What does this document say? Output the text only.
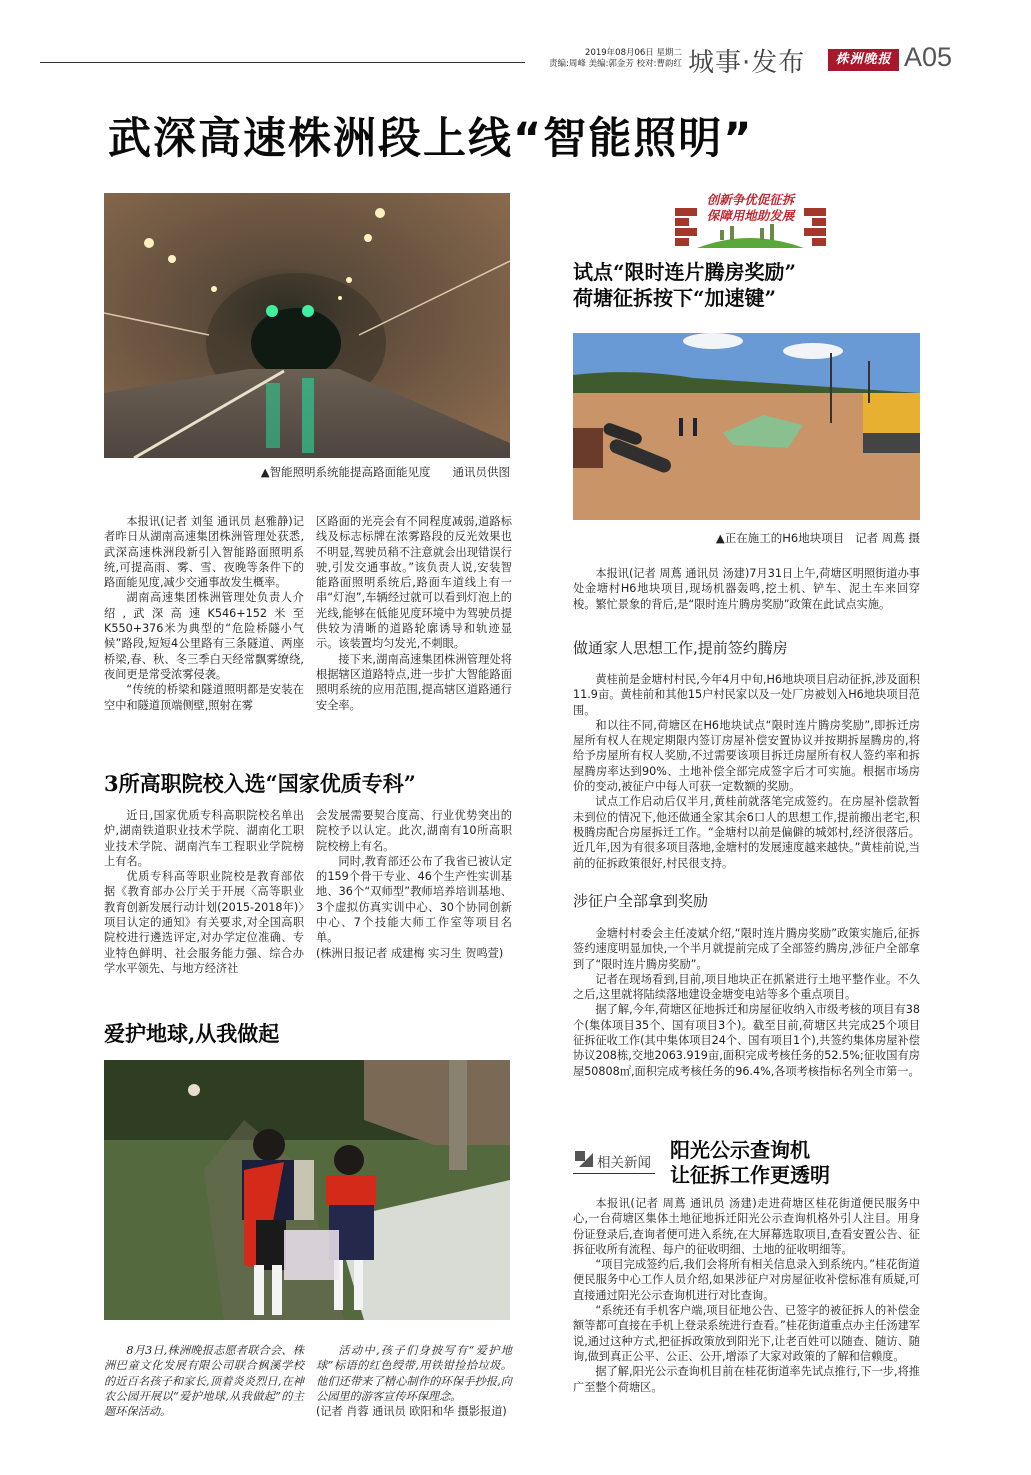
2019年08月06日 星期二
责编:周峰 美编:郭金芳 校对:曹韵红 城事·发布	株洲晚报 A05
武深高速株洲段上线“智能照明”
▲智能照明系统能提高路面能见度      通讯员供图

本报讯(记者 刘玺 通讯员 赵雅静)记者昨日从湖南高速集团株洲管理处获悉,武深高速株洲段新引入智能路面照明系统,可提高雨、雾、雪、夜晚等条件下的路面能见度,减少交通事故发生概率。

湖南高速集团株洲管理处负责人介绍,武深高速K546+152米至K550+376米为典型的“危险桥隧小气候”路段,短短4公里路有三条隧道、两座桥梁,春、秋、冬三季白天经常飘雾缭绕,夜间更是常受浓雾侵袭。

“传统的桥梁和隧道照明都是安装在空中和隧道顶端侧壁,照射在雾

区路面的光亮会有不同程度减弱,道路标线及标志标牌在浓雾路段的反光效果也不明显,驾驶员稍不注意就会出现错误行驶,引发交通事故。”该负责人说,安装智能路面照明系统后,路面车道线上有一串“灯泡”,车辆经过就可以看到灯泡上的光线,能够在低能见度环境中为驾驶员提供较为清晰的道路轮廓诱导和轨迹显示。该装置均匀发光,不刺眼。

接下来,湖南高速集团株洲管理处将根据辖区道路特点,进一步扩大智能路面照明系统的应用范围,提高辖区道路通行安全率。

3所高职院校入选“国家优质专科”

近日,国家优质专科高职院校名单出炉,湖南铁道职业技术学院、湖南化工职业技术学院、湖南汽车工程职业学院榜上有名。

优质专科高等职业院校是教育部依据《教育部办公厅关于开展〈高等职业教育创新发展行动计划(2015-2018年)〉项目认定的通知》有关要求,对全国高职院校进行遴选评定,对办学定位准确、专业特色鲜明、社会服务能力强、综合办学水平领先、与地方经济社

会发展需要契合度高、行业优势突出的院校予以认定。此次,湖南有10所高职院校榜上有名。

同时,教育部还公布了我省已被认定的159个骨干专业、46个生产性实训基地、36个“双师型”教师培养培训基地、3个虚拟仿真实训中心、30个协同创新中心、7个技能大师工作室等项目名单。

(株洲日报记者 成建梅 实习生 贺鸣萱)
爱护地球,从我做起

8月3日,株洲晚报志愿者联合会、株洲巴童文化发展有限公司联合枫溪学校的近百名孩子和家长,顶着炎炎烈日,在神农公园开展以“爱护地球,从我做起”的主题环保活动。

活动中,孩子们身披写有“爱护地球”标语的红色绶带,用铁钳捡拾垃圾。他们还带来了精心制作的环保手抄报,向公园里的游客宣传环保理念。

(记者 肖蓉 通讯员 欧阳和华 摄影报道)
创新争优促征拆
保障用地助发展
试点“限时连片腾房奖励”
荷塘征拆按下“加速键”
▲正在施工的H6地块项目   记者 周蔦 摄

本报讯(记者 周蔦 通讯员 汤建)7月31日上午,荷塘区明照街道办事处金塘村H6地块项目,现场机器轰鸣,挖土机、铲车、泥土车来回穿梭。繁忙景象的背后,是“限时连片腾房奖励”政策在此试点实施。

做通家人思想工作,提前签约腾房

黄桂前是金塘村村民,今年4月中旬,H6地块项目启动征拆,涉及面积11.9亩。黄桂前和其他15户村民家以及一处厂房被划入H6地块项目范围。

和以往不同,荷塘区在H6地块试点“限时连片腾房奖励”,即拆迁房屋所有权人在规定期限内签订房屋补偿安置协议并按期拆屋腾房的,将给予房屋所有权人奖励,不过需要该项目拆迁房屋所有权人签约率和拆屋腾房率达到90%、土地补偿全部完成签字后才可实施。根据市场房价的变动,被征户中每人可获一定数额的奖励。

试点工作启动后仅半月,黄桂前就落笔完成签约。在房屋补偿款暂未到位的情况下,他还做通全家其余6口人的思想工作,提前搬出老宅,积极腾房配合房屋拆迁工作。“金塘村以前是偏僻的城郊村,经济很落后。近几年,因为有很多项目落地,金塘村的发展速度越来越快。”黄桂前说,当前的征拆政策很好,村民很支持。

涉征户全部拿到奖励

金塘村村委会主任凌斌介绍,“限时连片腾房奖励”政策实施后,征拆签约速度明显加快,一个半月就提前完成了全部签约腾房,涉征户全部拿到了“限时连片腾房奖励”。

记者在现场看到,目前,项目地块正在抓紧进行土地平整作业。不久之后,这里就将陆续落地建设金塘变电站等多个重点项目。

据了解,今年,荷塘区征地拆迁和房屋征收纳入市级考核的项目有38个(集体项目35个、国有项目3个)。截至目前,荷塘区共完成25个项目征拆征收工作(其中集体项目24个、国有项目1个),共签约集体房屋补偿协议208栋,交地2063.919亩,面积完成考核任务的52.5%;征收国有房屋50808㎡,面积完成考核任务的96.4%,各项考核指标名列全市第一。

相关新闻
阳光公示查询机
让征拆工作更透明

本报讯(记者 周蔦 通讯员 汤建)走进荷塘区桂花街道便民服务中心,一台荷塘区集体土地征地拆迁阳光公示查询机格外引人注目。用身份证登录后,查询者便可进入系统,在大屏幕选取项目,查看安置公告、征拆征收所有流程、每户的征收明细、土地的征收明细等。

“项目完成签约后,我们会将所有相关信息录入到系统内。”桂花街道便民服务中心工作人员介绍,如果涉征户对房屋征收补偿标准有质疑,可直接通过阳光公示查询机进行对比查询。

“系统还有手机客户端,项目征地公告、已签字的被征拆人的补偿金额等都可直接在手机上登录系统进行查看。”桂花街道重点办主任汤建军说,通过这种方式,把征拆政策放到阳光下,让老百姓可以随查、随访、随询,做到真正公平、公正、公开,增添了大家对政策的了解和信赖度。

据了解,阳光公示查询机目前在桂花街道率先试点推行,下一步,将推广至整个荷塘区。
